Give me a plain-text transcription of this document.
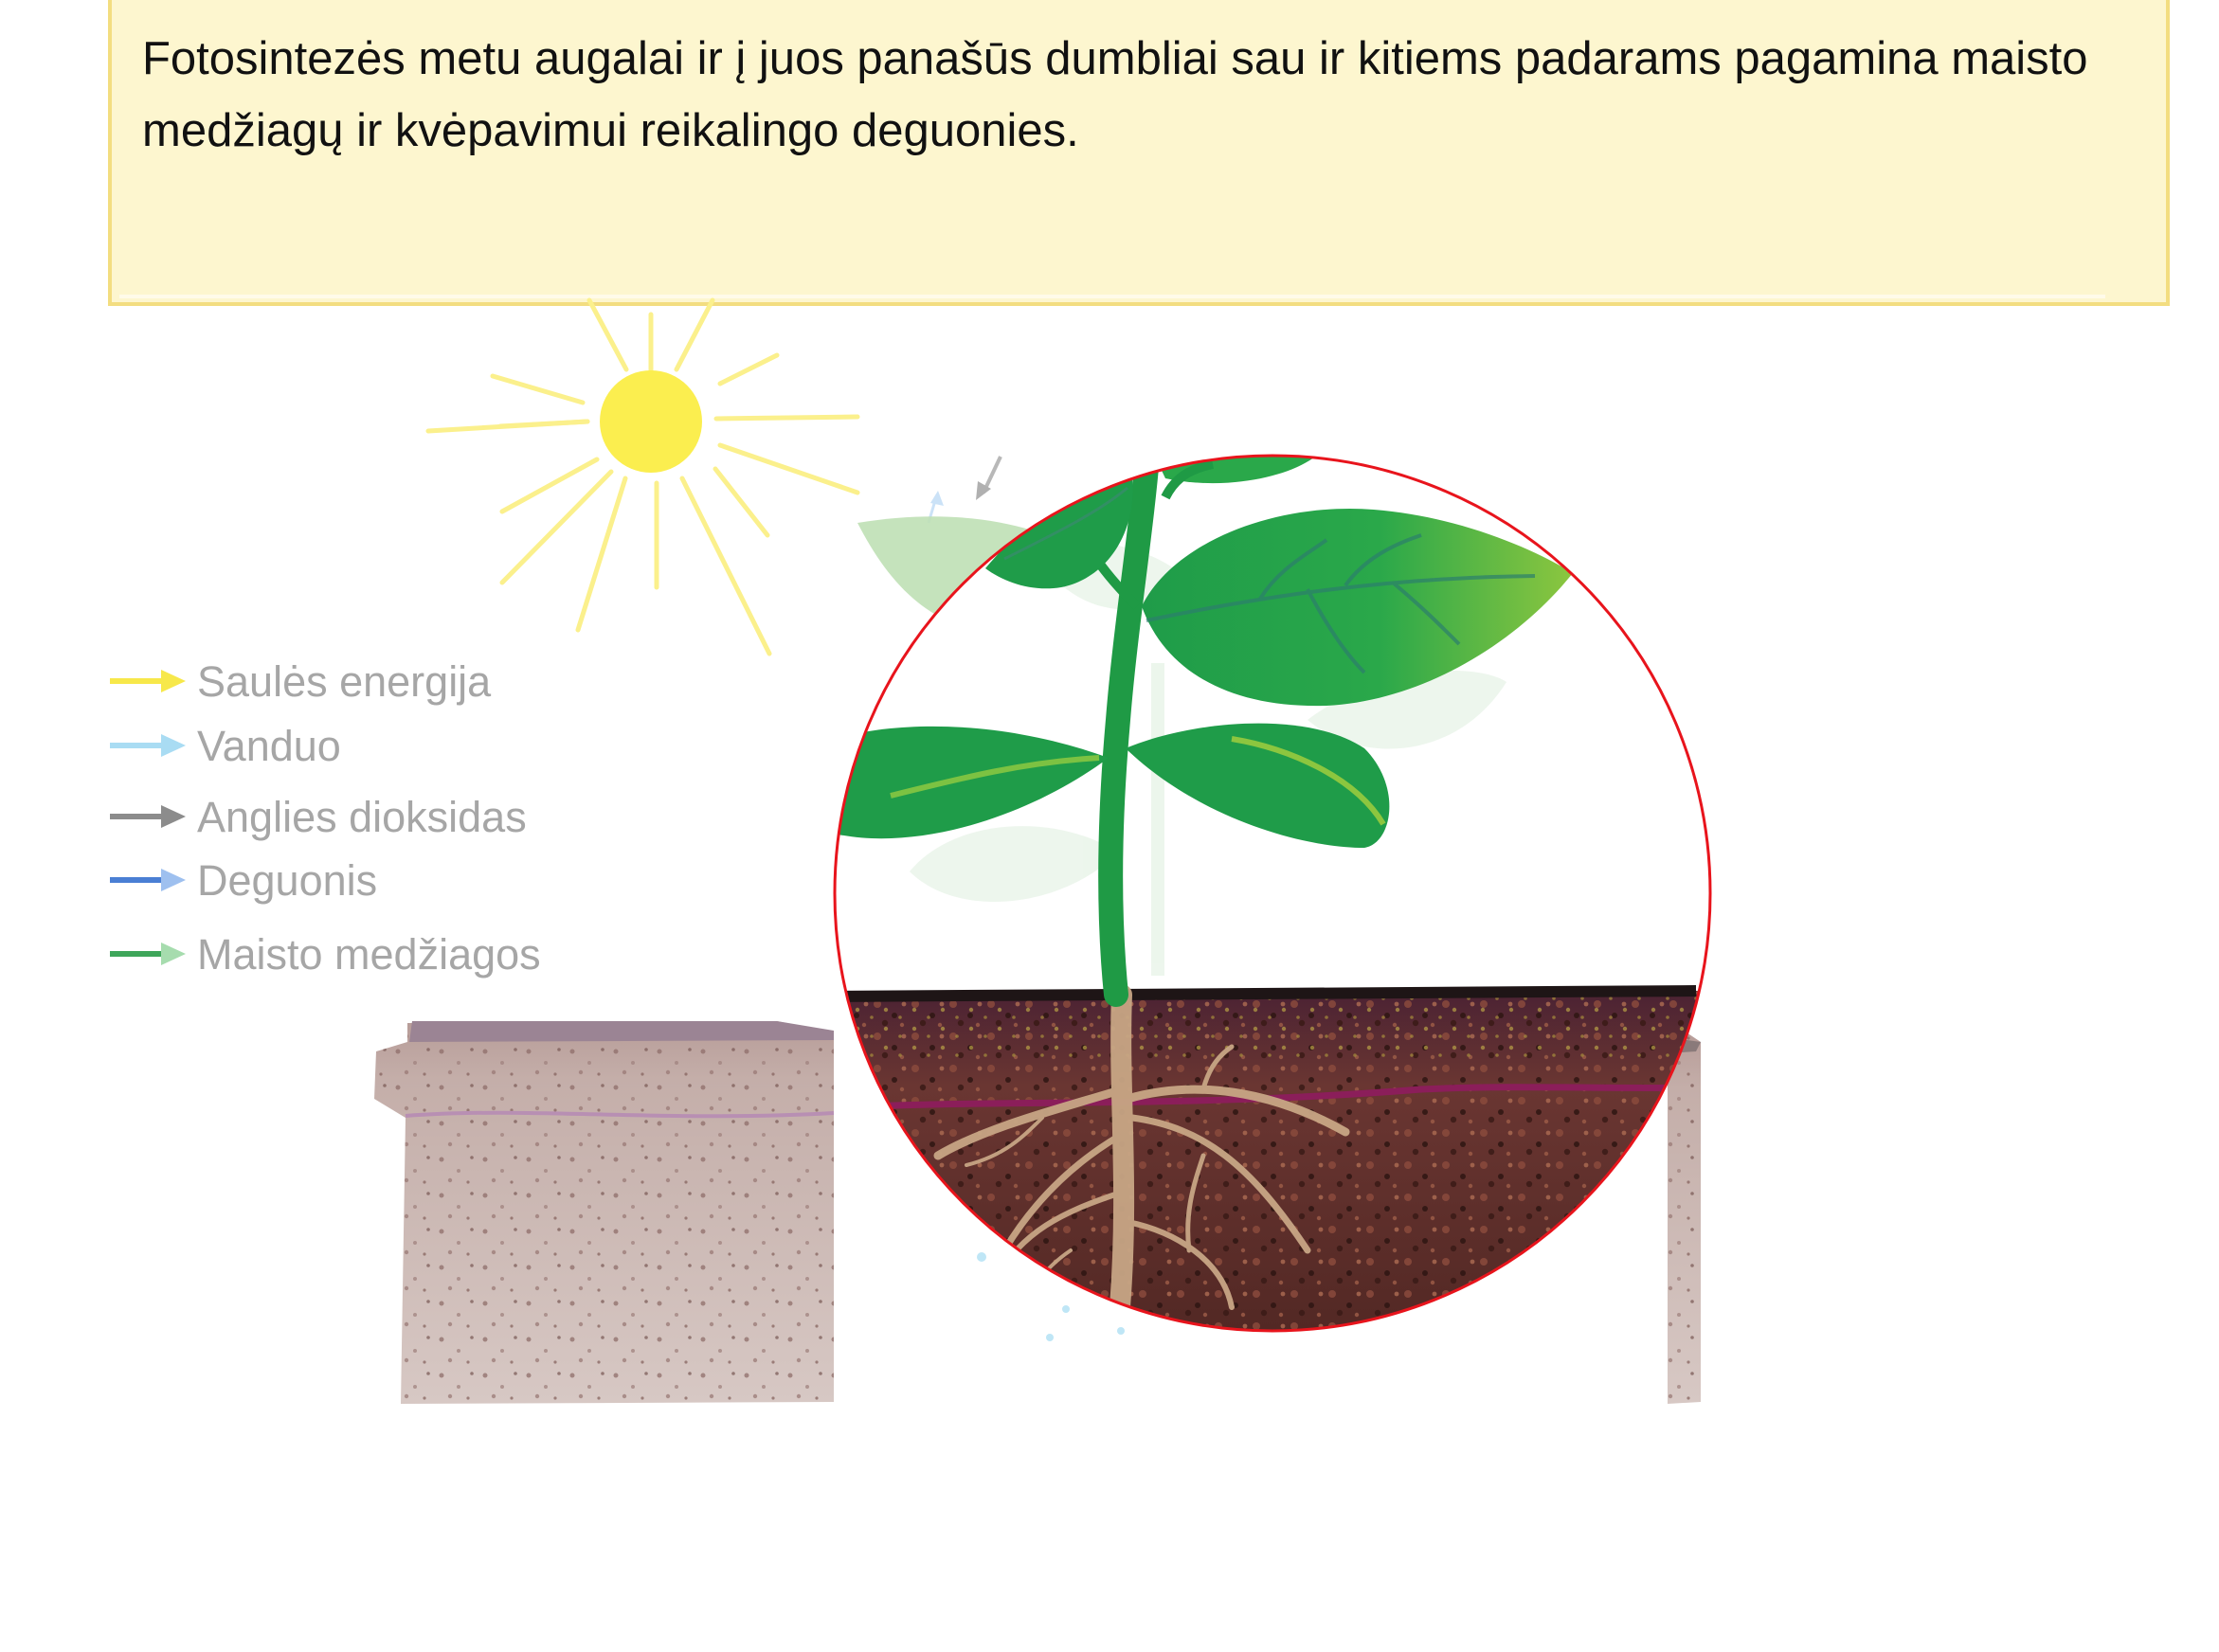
Fotosintezės metu augalai ir į juos panašūs dumbliai sau ir kitiems padarams pagamina maisto medžiagų ir kvėpavimui reikalingo deguonies.

Saulės energija
Vanduo
Anglies dioksidas
Deguonis
Maisto medžiagos
